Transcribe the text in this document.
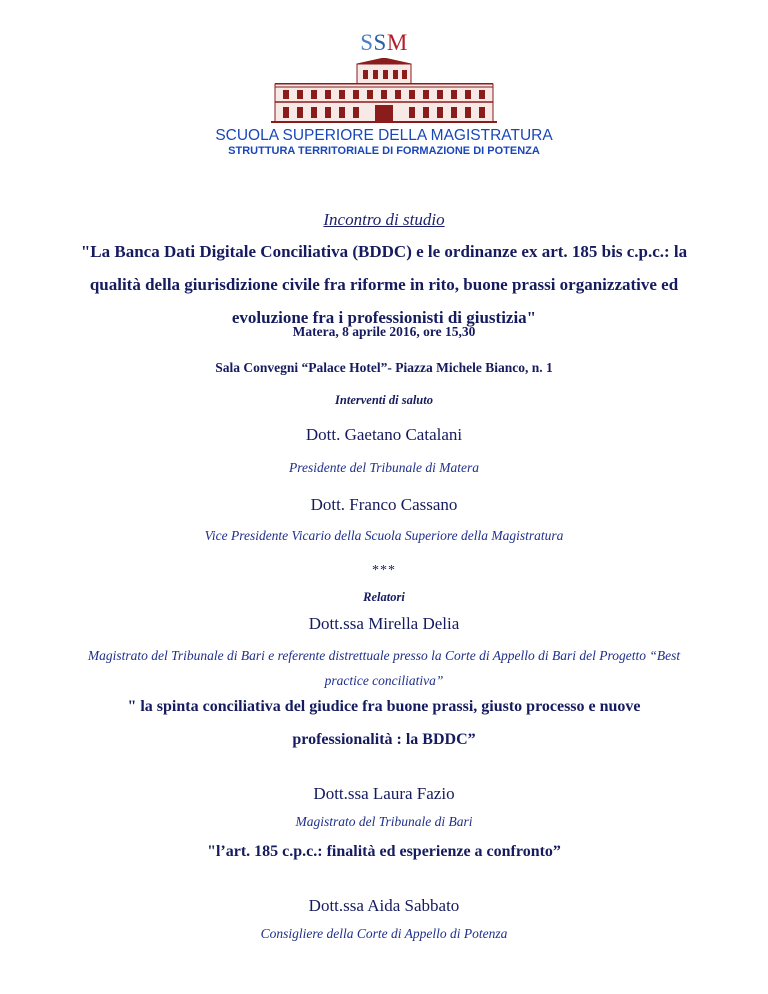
SSM
SCUOLA SUPERIORE DELLA MAGISTRATURA
STRUTTURA TERRITORIALE DI FORMAZIONE DI POTENZA
Incontro di studio
"La Banca Dati Digitale Conciliativa (BDDC) e le ordinanze ex art. 185 bis c.p.c.: la
qualità della giurisdizione civile fra riforme in rito, buone prassi organizzative ed
evoluzione fra i professionisti di giustizia"
Matera, 8 aprile 2016, ore 15,30
Sala Convegni “Palace Hotel”- Piazza Michele Bianco, n. 1
Interventi di saluto
Dott. Gaetano Catalani
Presidente del Tribunale di Matera
Dott. Franco Cassano
Vice Presidente Vicario della Scuola Superiore della Magistratura
***
Relatori
Dott.ssa Mirella Delia
Magistrato del Tribunale di Bari e referente distrettuale presso la Corte di Appello di Bari del Progetto “Best
practice conciliativa”
" la spinta conciliativa del giudice fra buone prassi, giusto processo e nuove
professionalità : la BDDC”
Dott.ssa Laura Fazio
Magistrato del Tribunale di Bari
"l’art. 185 c.p.c.: finalità ed esperienze a confronto”
Dott.ssa Aida Sabbato
Consigliere della Corte di Appello di Potenza
